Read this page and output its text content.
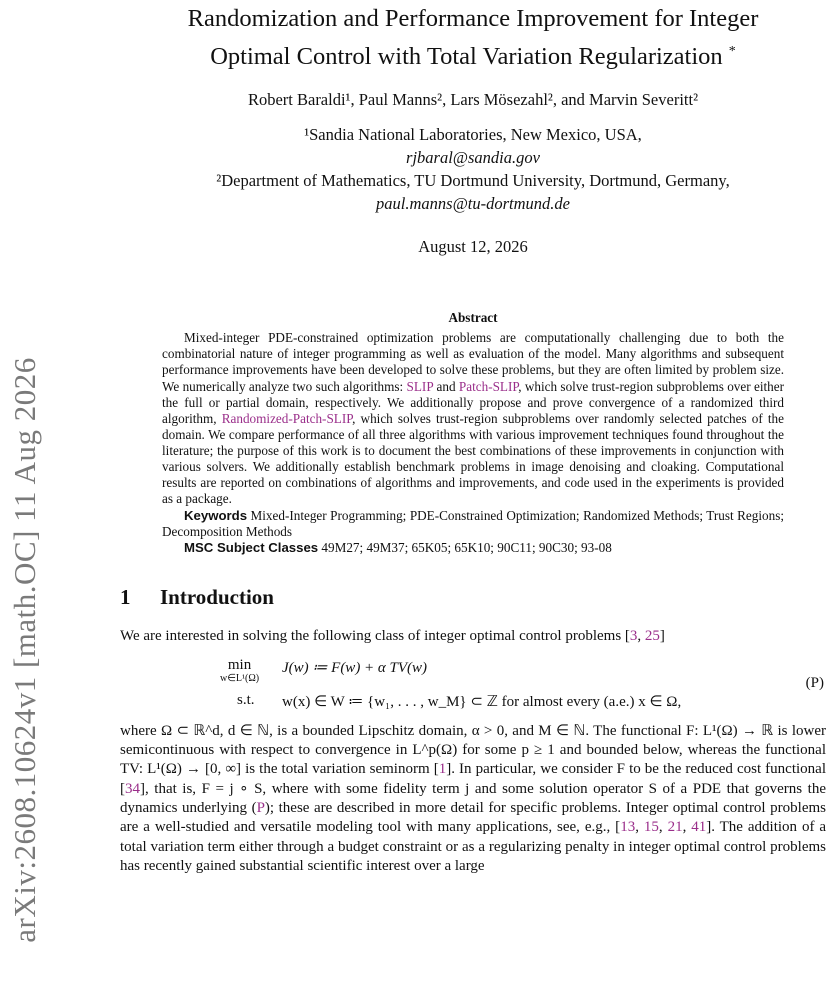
arXiv:2608.10624v1 [math.OC] 11 Aug 2026
Randomization and Performance Improvement for Integer
Optimal Control with Total Variation Regularization *
Robert Baraldi¹, Paul Manns², Lars Mösezahl², and Marvin Severitt²
¹Sandia National Laboratories, New Mexico, USA,
rjbaral@sandia.gov
²Department of Mathematics, TU Dortmund University, Dortmund, Germany,
paul.manns@tu-dortmund.de
August 12, 2026
Abstract

Mixed-integer PDE-constrained optimization problems are computationally challenging due to both the combinatorial nature of integer programming as well as evaluation of the model. Many algorithms and subsequent performance improvements have been developed to solve these problems, but they are often limited by problem size. We numerically analyze two such algorithms: SLIP and Patch-SLIP, which solve trust-region subproblems over either the full or partial domain, respectively. We additionally propose and prove convergence of a randomized third algorithm, Randomized-Patch-SLIP, which solves trust-region subproblems over randomly selected patches of the domain. We compare performance of all three algorithms with various improvement techniques found throughout the literature; the purpose of this work is to document the best combinations of these improvements in conjunction with various solvers. We additionally establish benchmark problems in image denoising and cloaking. Computational results are reported on combinations of algorithms and improvements, and code used in the experiments is provided as a package.

Keywords Mixed-Integer Programming; PDE-Constrained Optimization; Randomized Methods; Trust Regions; Decomposition Methods

MSC Subject Classes 49M27; 49M37; 65K05; 65K10; 90C11; 90C30; 93-08

1 Introduction

We are interested in solving the following class of integer optimal control problems [3, 25]

min
w∈L¹(Ω)
J(w) ≔ F(w) + α TV(w)
s.t. w(x) ∈ W ≔ {w₁, . . . , w_M} ⊂ ℤ for almost every (a.e.) x ∈ Ω,
(P)

where Ω ⊂ ℝ^d, d ∈ ℕ, is a bounded Lipschitz domain, α > 0, and M ∈ ℕ. The functional F: L¹(Ω) → ℝ is lower semicontinuous with respect to convergence in L^p(Ω) for some p ≥ 1 and bounded below, whereas the functional TV: L¹(Ω) → [0, ∞] is the total variation seminorm [1]. In particular, we consider F to be the reduced cost functional [34], that is, F = j ∘ S, where with some fidelity term j and some solution operator S of a PDE that governs the dynamics underlying (P); these are described in more detail for specific problems. Integer optimal control problems are a well-studied and versatile modeling tool with many applications, see, e.g., [13, 15, 21, 41]. The addition of a total variation term either through a budget constraint or as a regularizing penalty in integer optimal control problems has recently gained substantial scientific interest over a large
